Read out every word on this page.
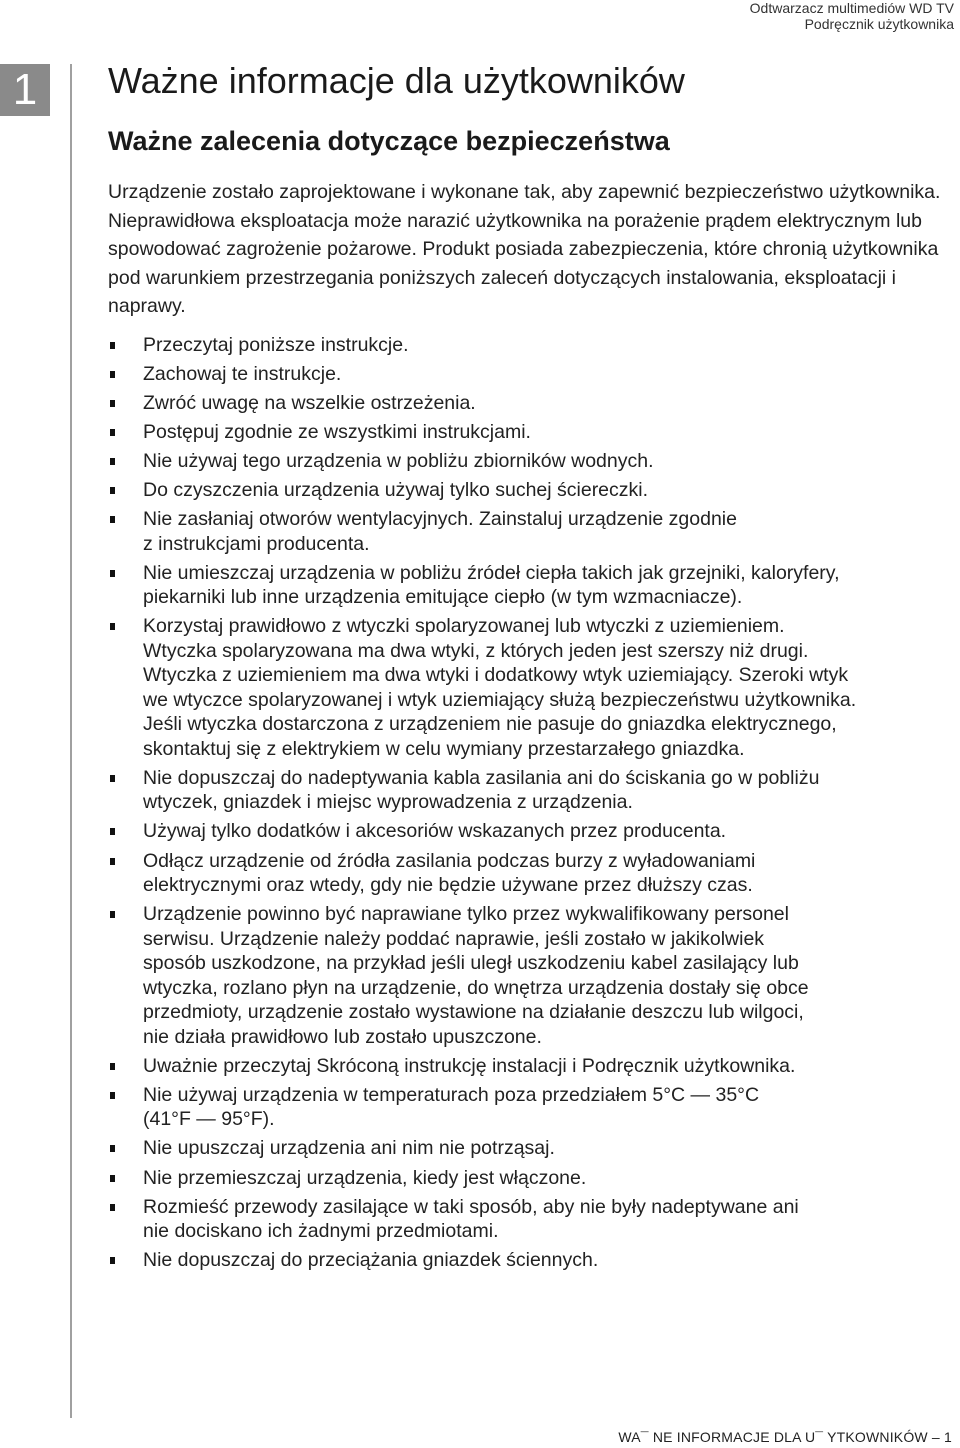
Odtwarzacz multimediów WD TV
Podręcznik użytkownika
1	Ważne informacje dla użytkowników
Ważne zalecenia dotyczące bezpieczeństwa

Urządzenie zostało zaprojektowane i wykonane tak, aby zapewnić bezpieczeństwo użytkownika. Nieprawidłowa eksploatacja może narazić użytkownika na porażenie prądem elektrycznym lub spowodować zagrożenie pożarowe. Produkt posiada zabezpieczenia, które chronią użytkownika pod warunkiem przestrzegania poniższych zaleceń dotyczących instalowania, eksploatacji i naprawy.

Przeczytaj poniższe instrukcje.
Zachowaj te instrukcje.
Zwróć uwagę na wszelkie ostrzeżenia.
Postępuj zgodnie ze wszystkimi instrukcjami.
Nie używaj tego urządzenia w pobliżu zbiorników wodnych.
Do czyszczenia urządzenia używaj tylko suchej ściereczki.
Nie zasłaniaj otworów wentylacyjnych. Zainstaluj urządzenie zgodnie
z instrukcjami producenta.
Nie umieszczaj urządzenia w pobliżu źródeł ciepła takich jak grzejniki, kaloryfery,
piekarniki lub inne urządzenia emitujące ciepło (w tym wzmacniacze).
Korzystaj prawidłowo z wtyczki spolaryzowanej lub wtyczki z uziemieniem.
Wtyczka spolaryzowana ma dwa wtyki, z których jeden jest szerszy niż drugi.
Wtyczka z uziemieniem ma dwa wtyki i dodatkowy wtyk uziemiający. Szeroki wtyk
we wtyczce spolaryzowanej i wtyk uziemiający służą bezpieczeństwu użytkownika.
Jeśli wtyczka dostarczona z urządzeniem nie pasuje do gniazdka elektrycznego,
skontaktuj się z elektrykiem w celu wymiany przestarzałego gniazdka.
Nie dopuszczaj do nadeptywania kabla zasilania ani do ściskania go w pobliżu
wtyczek, gniazdek i miejsc wyprowadzenia z urządzenia.
Używaj tylko dodatków i akcesoriów wskazanych przez producenta.
Odłącz urządzenie od źródła zasilania podczas burzy z wyładowaniami
elektrycznymi oraz wtedy, gdy nie będzie używane przez dłuższy czas.
Urządzenie powinno być naprawiane tylko przez wykwalifikowany personel
serwisu. Urządzenie należy poddać naprawie, jeśli zostało w jakikolwiek
sposób uszkodzone, na przykład jeśli uległ uszkodzeniu kabel zasilający lub
wtyczka, rozlano płyn na urządzenie, do wnętrza urządzenia dostały się obce
przedmioty, urządzenie zostało wystawione na działanie deszczu lub wilgoci,
nie działa prawidłowo lub zostało upuszczone.
Uważnie przeczytaj Skróconą instrukcję instalacji i Podręcznik użytkownika.
Nie używaj urządzenia w temperaturach poza przedziałem 5°C — 35°C
(41°F — 95°F).
Nie upuszczaj urządzenia ani nim nie potrząsaj.
Nie przemieszczaj urządzenia, kiedy jest włączone.
Rozmieść przewody zasilające w taki sposób, aby nie były nadeptywane ani
nie dociskano ich żadnymi przedmiotami.
Nie dopuszczaj do przeciążania gniazdek ściennych.
WA¯ NE INFORMACJE DLA U¯ YTKOWNIKÓW – 1
